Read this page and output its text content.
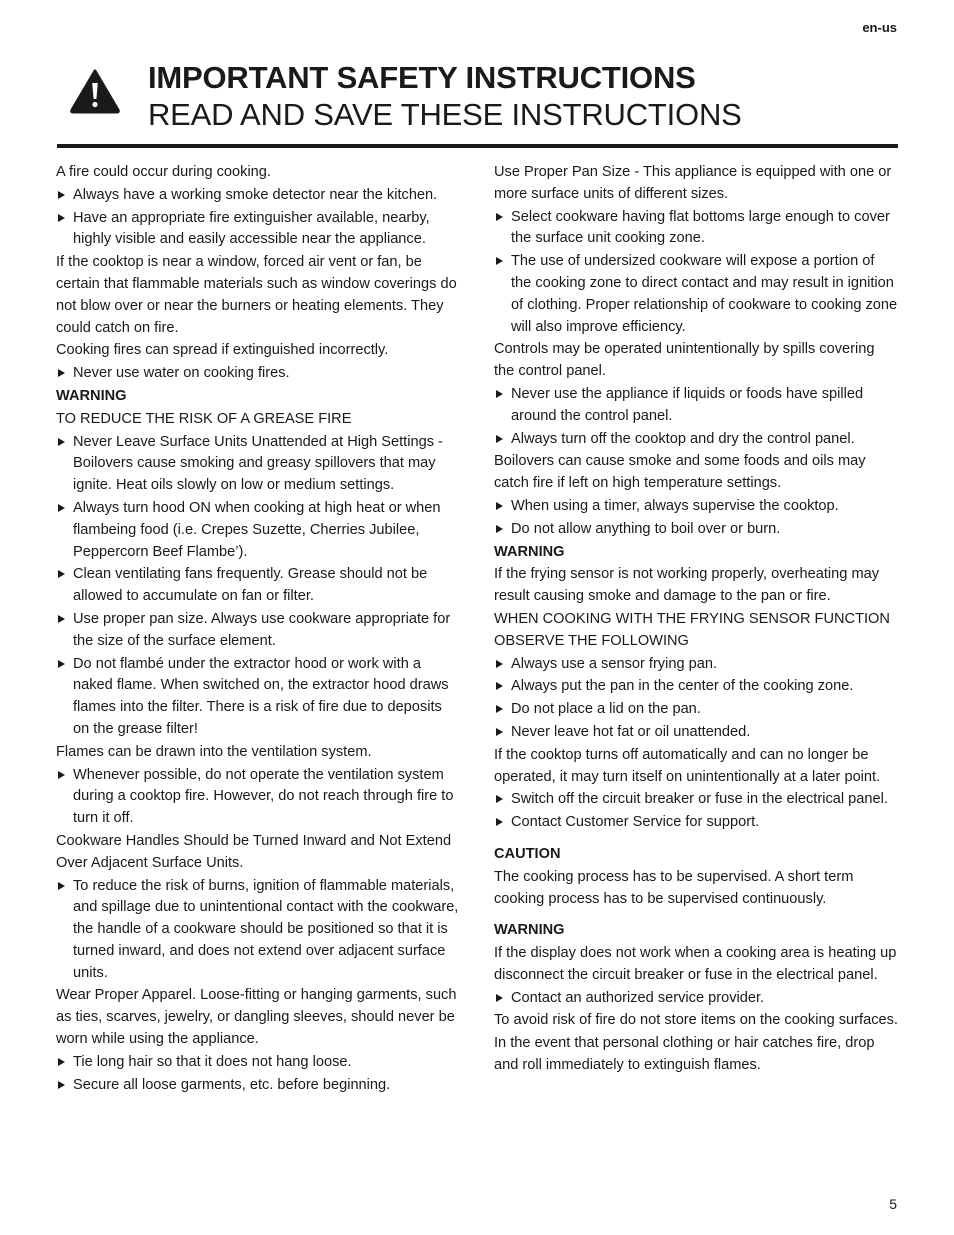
en-us
IMPORTANT SAFETY INSTRUCTIONS
READ AND SAVE THESE INSTRUCTIONS

A fire could occur during cooking.

Always have a working smoke detector near the kitchen.
Have an appropriate fire extinguisher available, nearby, highly visible and easily accessible near the appliance.

If the cooktop is near a window, forced air vent or fan, be certain that flammable materials such as window coverings do not blow over or near the burners or heating elements. They could catch on fire.

Cooking fires can spread if extinguished incorrectly.

Never use water on cooking fires.

WARNING

TO REDUCE THE RISK OF A GREASE FIRE

Never Leave Surface Units Unattended at High Settings - Boilovers cause smoking and greasy spillovers that may ignite. Heat oils slowly on low or medium settings.
Always turn hood ON when cooking at high heat or when flambeing food (i.e. Crepes Suzette, Cherries Jubilee, Peppercorn Beef Flambe’).
Clean ventilating fans frequently. Grease should not be allowed to accumulate on fan or filter.
Use proper pan size. Always use cookware appropriate for the size of the surface element.
Do not flambé under the extractor hood or work with a naked flame. When switched on, the extractor hood draws flames into the filter. There is a risk of fire due to deposits on the grease filter!

Flames can be drawn into the ventilation system.

Whenever possible, do not operate the ventilation system during a cooktop fire. However, do not reach through fire to turn it off.

Cookware Handles Should be Turned Inward and Not Extend Over Adjacent Surface Units.

To reduce the risk of burns, ignition of flammable materials, and spillage due to unintentional contact with the cookware, the handle of a cookware should be positioned so that it is turned inward, and does not extend over adjacent surface units.

Wear Proper Apparel. Loose-fitting or hanging garments, such as ties, scarves, jewelry, or dangling sleeves, should never be worn while using the appliance.

Tie long hair so that it does not hang loose.
Secure all loose garments, etc. before beginning.

Use Proper Pan Size - This appliance is equipped with one or more surface units of different sizes.

Select cookware having flat bottoms large enough to cover the surface unit cooking zone.
The use of undersized cookware will expose a portion of the cooking zone to direct contact and may result in ignition of clothing. Proper relationship of cookware to cooking zone will also improve efficiency.

Controls may be operated unintentionally by spills covering the control panel.

Never use the appliance if liquids or foods have spilled around the control panel.
Always turn off the cooktop and dry the control panel.

Boilovers can cause smoke and some foods and oils may catch fire if left on high temperature settings.

When using a timer, always supervise the cooktop.
Do not allow anything to boil over or burn.

WARNING

If the frying sensor is not working properly, overheating may result causing smoke and damage to the pan or fire.

WHEN COOKING WITH THE FRYING SENSOR FUNCTION OBSERVE THE FOLLOWING

Always use a sensor frying pan.
Always put the pan in the center of the cooking zone.
Do not place a lid on the pan.
Never leave hot fat or oil unattended.

If the cooktop turns off automatically and can no longer be operated, it may turn itself on unintentionally at a later point.

Switch off the circuit breaker or fuse in the electrical panel.
Contact Customer Service for support.

CAUTION

The cooking process has to be supervised. A short term cooking process has to be supervised continuously.

WARNING

If the display does not work when a cooking area is heating up disconnect the circuit breaker or fuse in the electrical panel.

Contact an authorized service provider.

To avoid risk of fire do not store items on the cooking surfaces.

In the event that personal clothing or hair catches fire, drop and roll immediately to extinguish flames.

5
